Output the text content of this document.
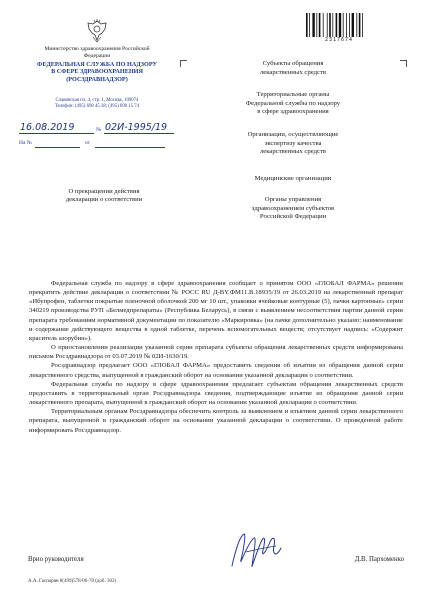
Министерство здравоохранения Российской Федерации
ФЕДЕРАЛЬНАЯ СЛУЖБА ПО НАДЗОРУ
В СФЕРЕ ЗДРАВООХРАНЕНИЯ
(РОСЗДРАВНАДЗОР)
Славянская пл. 4, стр. 1, Москва, 109074
Телефон: (495) 698 45 38; (495) 698 15 74
16.08.2019	№ 02И-1995/19
На №	от
2317674
Субъекты обращения
лекарственных средств
Территориальные органы
Федеральной службы по надзору
в сфере здравоохранения
Организации, осуществляющие
экспертизу качества
лекарственных средств
Медицинские организации
Органы управления
здравоохранением субъектов
Российской Федерации
О прекращении действия
декларации о соответствии

Федеральная служба по надзору в сфере здравоохранения сообщает о принятом ООО «ГЛОБАЛ ФАРМА» решении прекратить действие декларации о соответствии № РОСС RU Д-BY.ФМ11.В.18935/19 от 26.03.2019 на лекарственный препарат «Ибупрофен, таблетки покрытые пленочной оболочкой 200 мг 10 шт., упаковки ячейковые контурные (5), пачки картонные» серии 340219 производства РУП «Белмедпрепараты» (Республика Беларусь), в связи с выявлением несоответствия партии данной серии препарата требованиям нормативной документации по показателю «Маркировка» (на пачке дополнительно указано: наименование и содержание действующего вещества в одной таблетке, перечень вспомогательных веществ; отсутствует надпись: «Содержит краситель азорубин»).

О приостановлении реализации указанной серии препарата субъекты обращения лекарственных средств информированы письмом Росздравнадзора от 03.07.2019 № 02И-1630/19.

Росздравнадзор предлагает ООО «ГЛОБАЛ ФАРМА» предоставить сведения об изъятии из обращения данной серии лекарственного средства, выпущенной в гражданский оборот на основании указанной декларации о соответствии.

Федеральная служба по надзору в сфере здравоохранения предлагает субъектам обращения лекарственных средств предоставить в территориальный орган Росздравнадзора сведения, подтверждающие изъятие из обращения данной серии лекарственного препарата, выпущенной в гражданский оборот на основании указанной декларации о соответствии.

Территориальным органам Росздравнадзора обеспечить контроль за выявлением и изъятием данной серии лекарственного препарата, выпущенной в гражданский оборот на основании указанной декларации о соответствии. О проведенной работе информировать Росздравнадзор.

Врио руководителя	Д.В. Пархоменко
А.А. Гаспарян 8(499)578-06-70 (доб. 302)
